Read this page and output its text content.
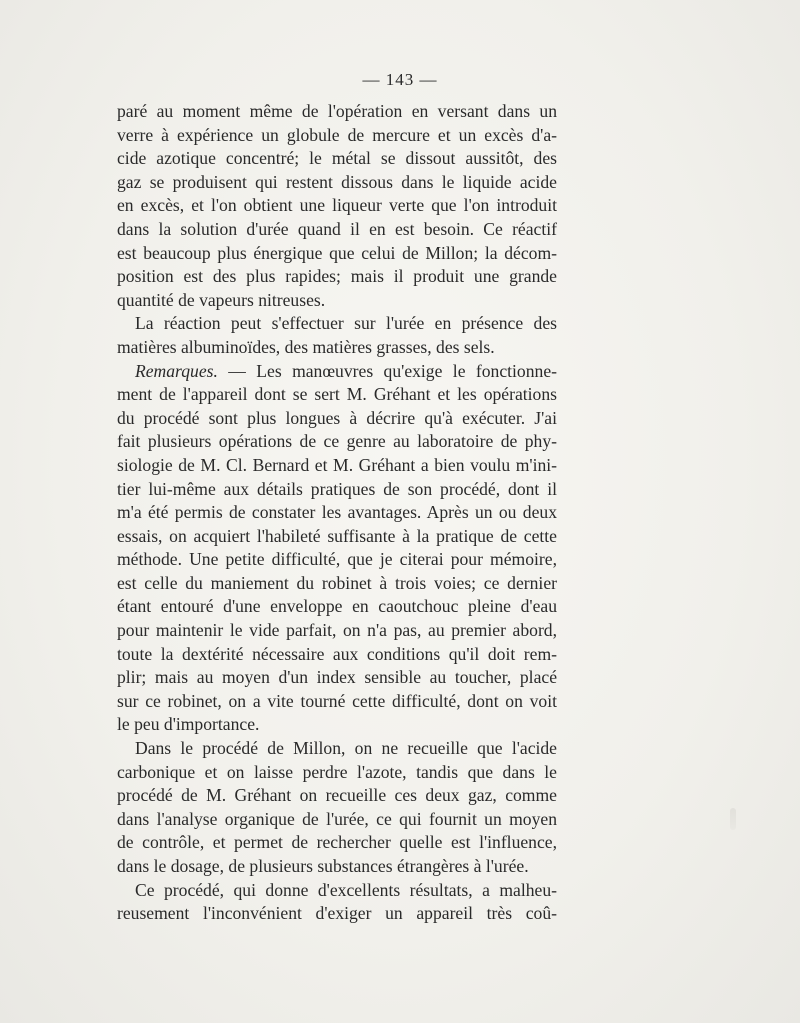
— 143 —
paré au moment même de l'opération en versant dans un
verre à expérience un globule de mercure et un excès d'a-
cide azotique concentré; le métal se dissout aussitôt, des
gaz se produisent qui restent dissous dans le liquide acide
en excès, et l'on obtient une liqueur verte que l'on introduit
dans la solution d'urée quand il en est besoin. Ce réactif
est beaucoup plus énergique que celui de Millon; la décom-
position est des plus rapides; mais il produit une grande
quantité de vapeurs nitreuses.
La réaction peut s'effectuer sur l'urée en présence des
matières albuminoïdes, des matières grasses, des sels.
Remarques. — Les manœuvres qu'exige le fonctionne-
ment de l'appareil dont se sert M. Gréhant et les opérations
du procédé sont plus longues à décrire qu'à exécuter. J'ai
fait plusieurs opérations de ce genre au laboratoire de phy-
siologie de M. Cl. Bernard et M. Gréhant a bien voulu m'ini-
tier lui-même aux détails pratiques de son procédé, dont il
m'a été permis de constater les avantages. Après un ou deux
essais, on acquiert l'habileté suffisante à la pratique de cette
méthode. Une petite difficulté, que je citerai pour mémoire,
est celle du maniement du robinet à trois voies; ce dernier
étant entouré d'une enveloppe en caoutchouc pleine d'eau
pour maintenir le vide parfait, on n'a pas, au premier abord,
toute la dextérité nécessaire aux conditions qu'il doit rem-
plir; mais au moyen d'un index sensible au toucher, placé
sur ce robinet, on a vite tourné cette difficulté, dont on voit
le peu d'importance.
Dans le procédé de Millon, on ne recueille que l'acide
carbonique et on laisse perdre l'azote, tandis que dans le
procédé de M. Gréhant on recueille ces deux gaz, comme
dans l'analyse organique de l'urée, ce qui fournit un moyen
de contrôle, et permet de rechercher quelle est l'influence,
dans le dosage, de plusieurs substances étrangères à l'urée.
Ce procédé, qui donne d'excellents résultats, a malheu-
reusement l'inconvénient d'exiger un appareil très coû-
